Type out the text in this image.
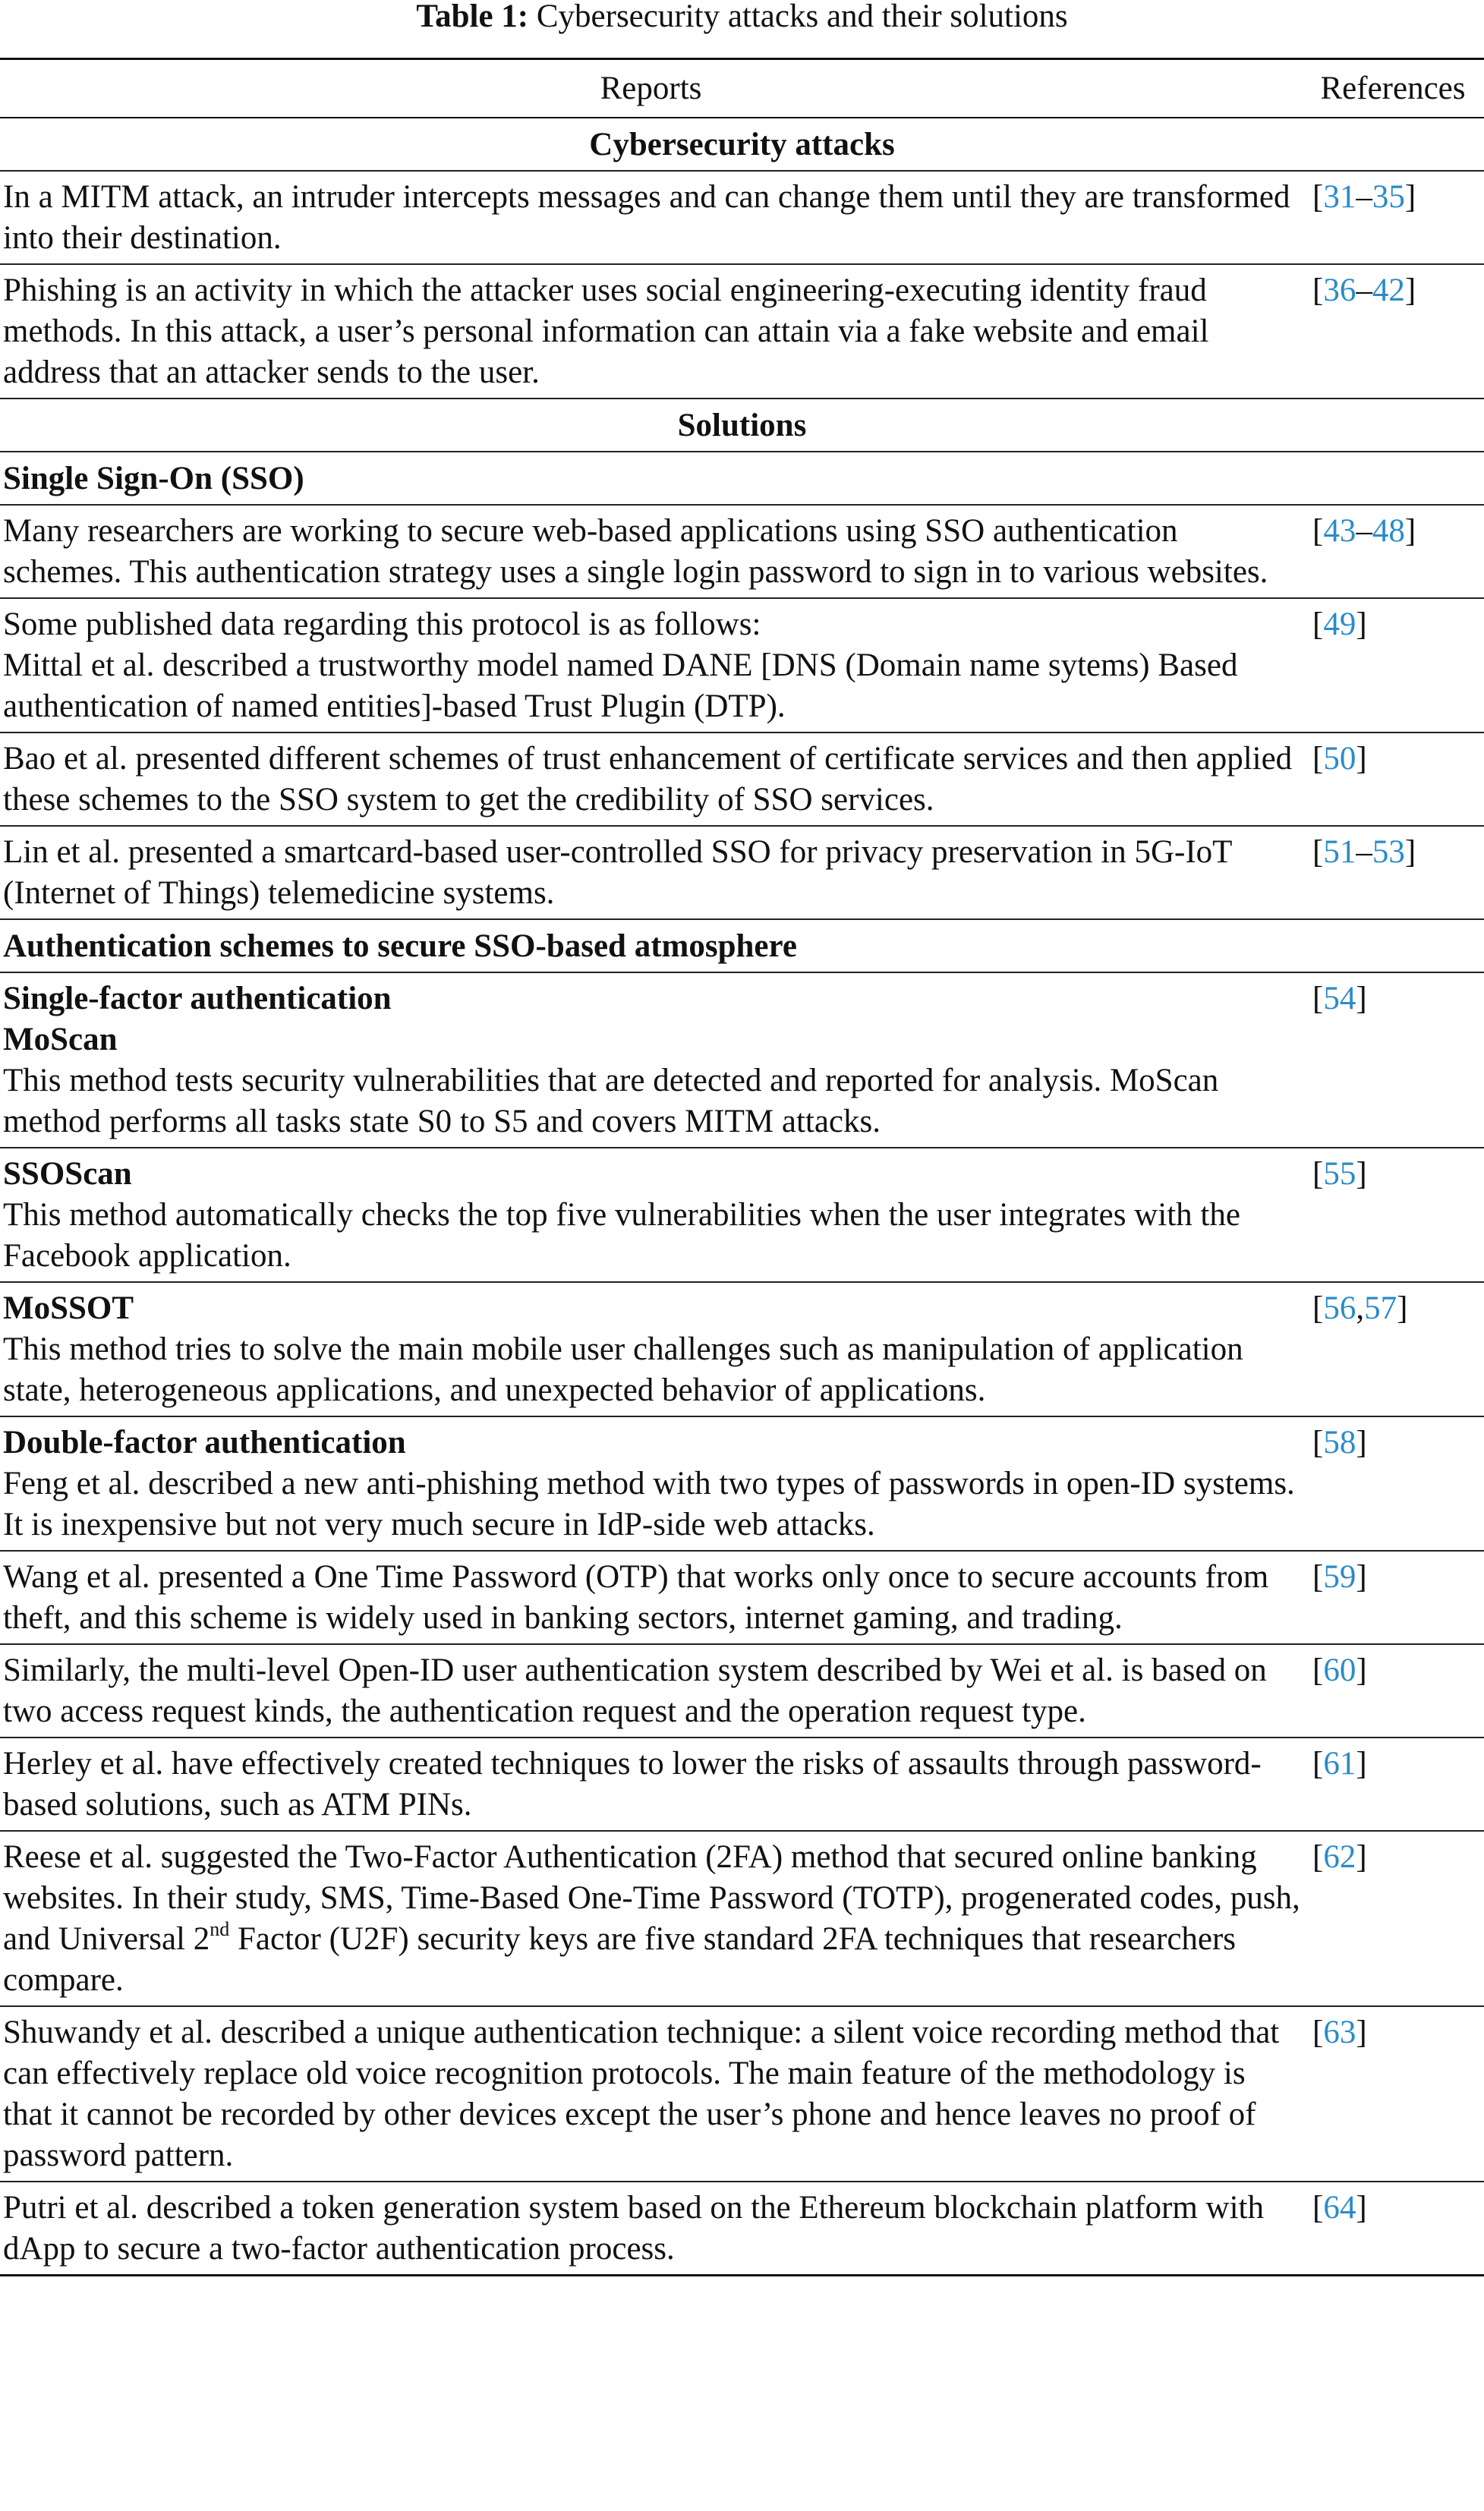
Table 1: Cybersecurity attacks and their solutions

Reports	References
Cybersecurity attacks	
In a MITM attack, an intruder intercepts messages and can change them until they are transformed into their destination.	[31–35]
Phishing is an activity in which the attacker uses social engineering-executing identity fraud methods. In this attack, a user’s personal information can attain via a fake website and email address that an attacker sends to the user.	[36–42]
Solutions	
Single Sign-On (SSO)	
Many researchers are working to secure web-based applications using SSO authentication schemes. This authentication strategy uses a single login password to sign in to various websites.	[43–48]

Some published data regarding this protocol is as follows:
Mittal et al. described a trustworthy model named DANE [DNS (Domain name sytems) Based authentication of named entities]-based Trust Plugin (DTP).	[49]
Bao et al. presented different schemes of trust enhancement of certificate services and then applied these schemes to the SSO system to get the credibility of SSO services.	[50]
Lin et al. presented a smartcard-based user-controlled SSO for privacy preservation in 5G-IoT (Internet of Things) telemedicine systems.	[51–53]
Authentication schemes to secure SSO-based atmosphere	

Single-factor authentication
MoScan
This method tests security vulnerabilities that are detected and reported for analysis. MoScan method performs all tasks state S0 to S5 and covers MITM attacks.	[54]

SSOScan
This method automatically checks the top five vulnerabilities when the user integrates with the Facebook application.	[55]

MoSSOT
This method tries to solve the main mobile user challenges such as manipulation of application state, heterogeneous applications, and unexpected behavior of applications.	[56,57]

Double-factor authentication
Feng et al. described a new anti-phishing method with two types of passwords in open-ID systems. It is inexpensive but not very much secure in IdP-side web attacks.	[58]
Wang et al. presented a One Time Password (OTP) that works only once to secure accounts from theft, and this scheme is widely used in banking sectors, internet gaming, and trading.	[59]
Similarly, the multi-level Open-ID user authentication system described by Wei et al. is based on two access request kinds, the authentication request and the operation request type.	[60]
Herley et al. have effectively created techniques to lower the risks of assaults through password-based solutions, such as ATM PINs.	[61]
Reese et al. suggested the Two-Factor Authentication (2FA) method that secured online banking websites. In their study, SMS, Time-Based One-Time Password (TOTP), progenerated codes, push, and Universal 2nd Factor (U2F) security keys are five standard 2FA techniques that researchers compare.	[62]
Shuwandy et al. described a unique authentication technique: a silent voice recording method that can effectively replace old voice recognition protocols. The main feature of the methodology is that it cannot be recorded by other devices except the user’s phone and hence leaves no proof of password pattern.	[63]
Putri et al. described a token generation system based on the Ethereum blockchain platform with dApp to secure a two-factor authentication process.	[64]
